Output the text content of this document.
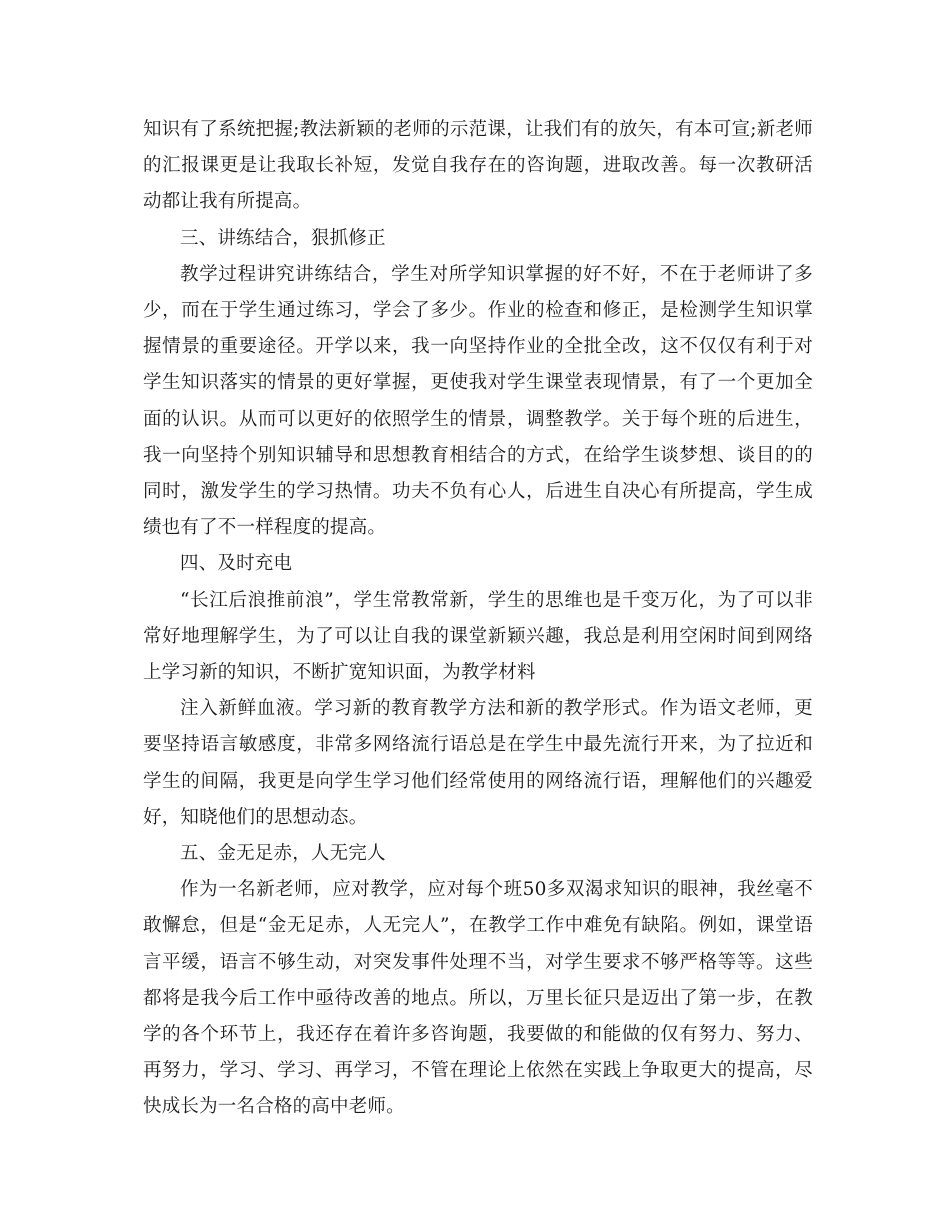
知识有了系统把握;教法新颖的老师的示范课，让我们有的放矢，有本可宣;新老师的汇报课更是让我取长补短，发觉自我存在的咨询题，进取改善。每一次教研活动都让我有所提高。

三、讲练结合，狠抓修正

教学过程讲究讲练结合，学生对所学知识掌握的好不好，不在于老师讲了多少，而在于学生通过练习，学会了多少。作业的检查和修正，是检测学生知识掌握情景的重要途径。开学以来，我一向坚持作业的全批全改，这不仅仅有利于对学生知识落实的情景的更好掌握，更使我对学生课堂表现情景，有了一个更加全面的认识。从而可以更好的依照学生的情景，调整教学。关于每个班的后进生，我一向坚持个别知识辅导和思想教育相结合的方式，在给学生谈梦想、谈目的的同时，激发学生的学习热情。功夫不负有心人，后进生自决心有所提高，学生成绩也有了不一样程度的提高。

四、及时充电

“长江后浪推前浪”，学生常教常新，学生的思维也是千变万化，为了可以非常好地理解学生，为了可以让自我的课堂新颖兴趣，我总是利用空闲时间到网络上学习新的知识，不断扩宽知识面，为教学材料

注入新鲜血液。学习新的教育教学方法和新的教学形式。作为语文老师，更要坚持语言敏感度，非常多网络流行语总是在学生中最先流行开来，为了拉近和学生的间隔，我更是向学生学习他们经常使用的网络流行语，理解他们的兴趣爱好，知晓他们的思想动态。

五、金无足赤，人无完人

作为一名新老师，应对教学，应对每个班50多双渴求知识的眼神，我丝毫不敢懈怠，但是“金无足赤，人无完人”，在教学工作中难免有缺陷。例如，课堂语言平缓，语言不够生动，对突发事件处理不当，对学生要求不够严格等等。这些都将是我今后工作中亟待改善的地点。所以，万里长征只是迈出了第一步，在教学的各个环节上，我还存在着许多咨询题，我要做的和能做的仅有努力、努力、再努力，学习、学习、再学习，不管在理论上依然在实践上争取更大的提高，尽快成长为一名合格的高中老师。
